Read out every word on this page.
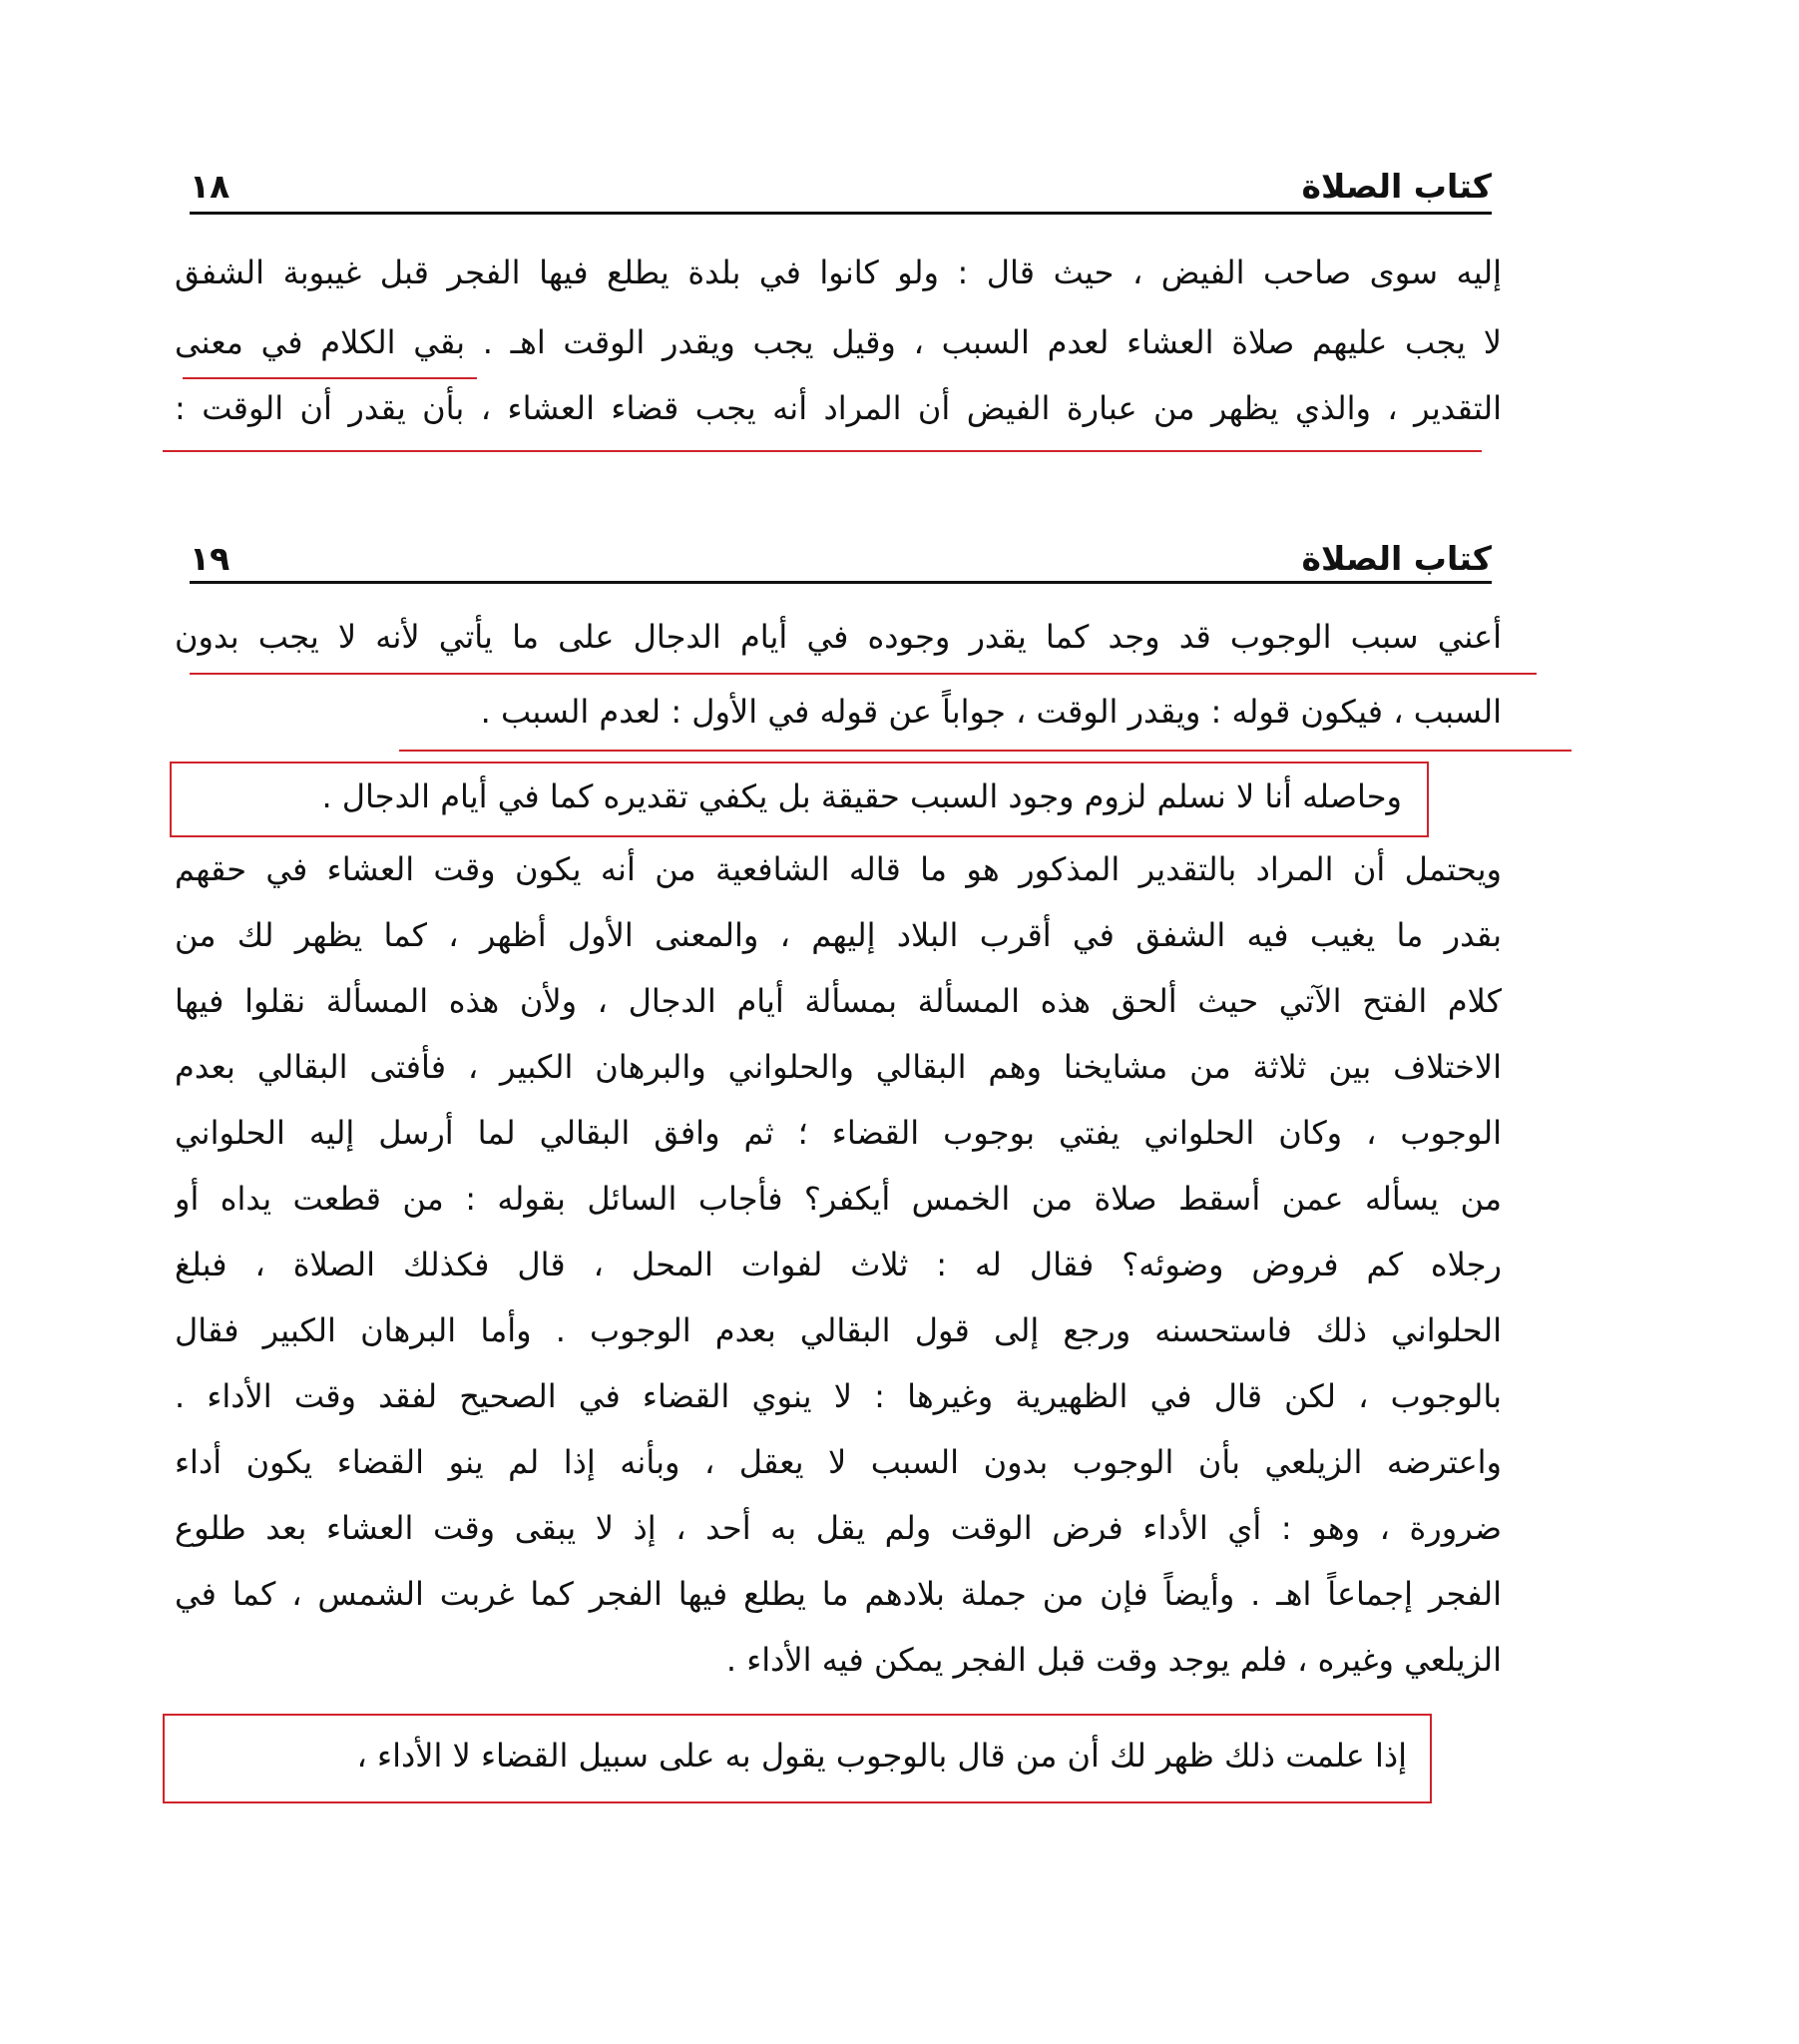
١٨	كتاب الصلاة
إليه سوى صاحب الفيض ، حيث قال : ولو كانوا في بلدة يطلع فيها الفجر قبل غيبوبة الشفق
لا يجب عليهم صلاة العشاء لعدم السبب ، وقيل يجب ويقدر الوقت اهـ . بقي الكلام في معنى
التقدير ، والذي يظهر من عبارة الفيض أن المراد أنه يجب قضاء العشاء ، بأن يقدر أن الوقت :
١٩	كتاب الصلاة
أعني سبب الوجوب قد وجد كما يقدر وجوده في أيام الدجال على ما يأتي لأنه لا يجب بدون
السبب ، فيكون قوله : ويقدر الوقت ، جواباً عن قوله في الأول : لعدم السبب .
وحاصله أنا لا نسلم لزوم وجود السبب حقيقة بل يكفي تقديره كما في أيام الدجال .
ويحتمل أن المراد بالتقدير المذكور هو ما قاله الشافعية من أنه يكون وقت العشاء في حقهم
بقدر ما يغيب فيه الشفق في أقرب البلاد إليهم ، والمعنى الأول أظهر ، كما يظهر لك من
كلام الفتح الآتي حيث ألحق هذه المسألة بمسألة أيام الدجال ، ولأن هذه المسألة نقلوا فيها
الاختلاف بين ثلاثة من مشايخنا وهم البقالي والحلواني والبرهان الكبير ، فأفتى البقالي بعدم
الوجوب ، وكان الحلواني يفتي بوجوب القضاء ؛ ثم وافق البقالي لما أرسل إليه الحلواني
من يسأله عمن أسقط صلاة من الخمس أيكفر؟ فأجاب السائل بقوله : من قطعت يداه أو
رجلاه كم فروض وضوئه؟ فقال له : ثلاث لفوات المحل ، قال فكذلك الصلاة ، فبلغ
الحلواني ذلك فاستحسنه ورجع إلى قول البقالي بعدم الوجوب . وأما البرهان الكبير فقال
بالوجوب ، لكن قال في الظهيرية وغيرها : لا ينوي القضاء في الصحيح لفقد وقت الأداء .
واعترضه الزيلعي بأن الوجوب بدون السبب لا يعقل ، وبأنه إذا لم ينو القضاء يكون أداء
ضرورة ، وهو : أي الأداء فرض الوقت ولم يقل به أحد ، إذ لا يبقى وقت العشاء بعد طلوع
الفجر إجماعاً اهـ . وأيضاً فإن من جملة بلادهم ما يطلع فيها الفجر كما غربت الشمس ، كما في
الزيلعي وغيره ، فلم يوجد وقت قبل الفجر يمكن فيه الأداء .
إذا علمت ذلك ظهر لك أن من قال بالوجوب يقول به على سبيل القضاء لا الأداء ،
